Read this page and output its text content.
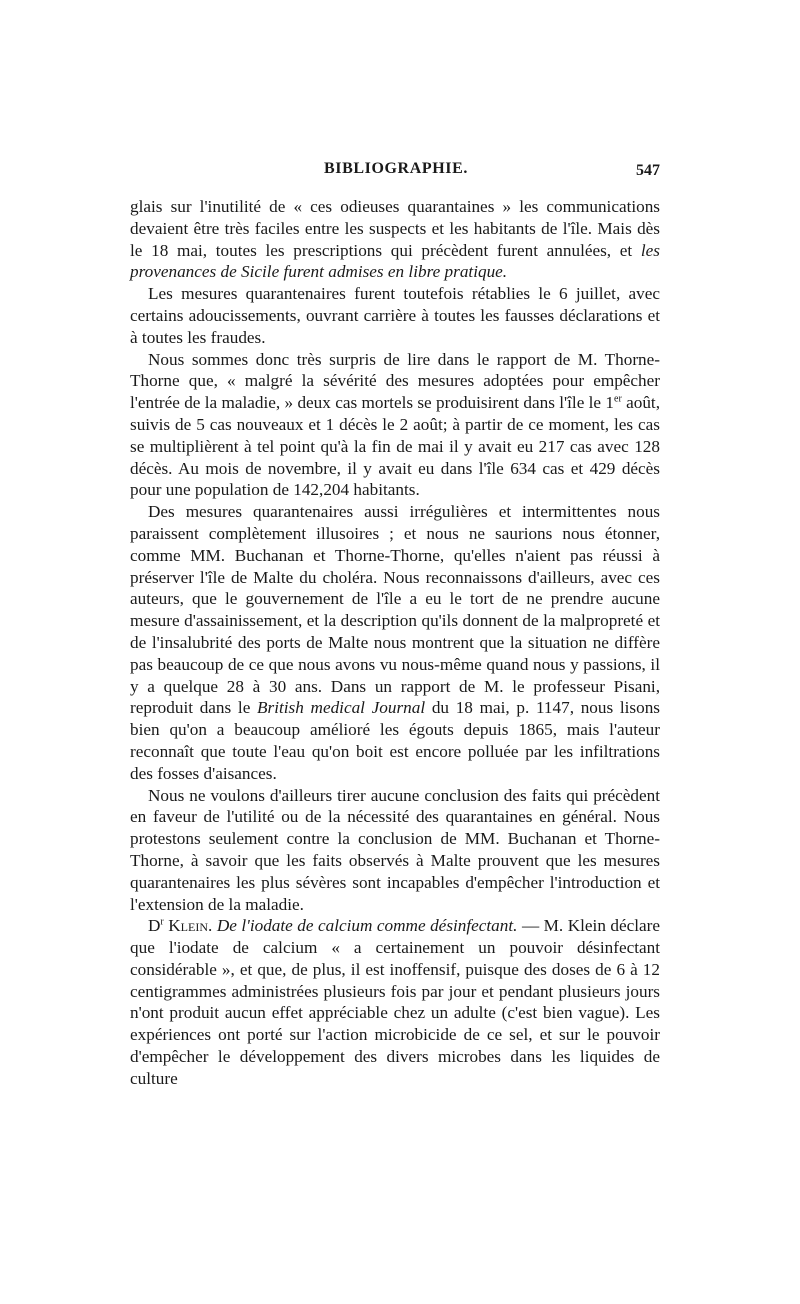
BIBLIOGRAPHIE.	547

glais sur l'inutilité de « ces odieuses quarantaines » les communications devaient être très faciles entre les suspects et les habitants de l'île. Mais dès le 18 mai, toutes les prescriptions qui précèdent furent annulées, et les provenances de Sicile furent admises en libre pratique.

Les mesures quarantenaires furent toutefois rétablies le 6 juillet, avec certains adoucissements, ouvrant carrière à toutes les fausses déclarations et à toutes les fraudes.

Nous sommes donc très surpris de lire dans le rapport de M. Thorne-Thorne que, « malgré la sévérité des mesures adoptées pour empêcher l'entrée de la maladie, » deux cas mortels se produisirent dans l'île le 1er août, suivis de 5 cas nouveaux et 1 décès le 2 août; à partir de ce moment, les cas se multiplièrent à tel point qu'à la fin de mai il y avait eu 217 cas avec 128 décès. Au mois de novembre, il y avait eu dans l'île 634 cas et 429 décès pour une population de 142,204 habitants.

Des mesures quarantenaires aussi irrégulières et intermittentes nous paraissent complètement illusoires ; et nous ne saurions nous étonner, comme MM. Buchanan et Thorne-Thorne, qu'elles n'aient pas réussi à préserver l'île de Malte du choléra. Nous reconnaissons d'ailleurs, avec ces auteurs, que le gouvernement de l'île a eu le tort de ne prendre aucune mesure d'assainissement, et la description qu'ils donnent de la malpropreté et de l'insalubrité des ports de Malte nous montrent que la situation ne diffère pas beaucoup de ce que nous avons vu nous-même quand nous y passions, il y a quelque 28 à 30 ans. Dans un rapport de M. le professeur Pisani, reproduit dans le British medical Journal du 18 mai, p. 1147, nous lisons bien qu'on a beaucoup amélioré les égouts depuis 1865, mais l'auteur reconnaît que toute l'eau qu'on boit est encore polluée par les infiltrations des fosses d'aisances.

Nous ne voulons d'ailleurs tirer aucune conclusion des faits qui précèdent en faveur de l'utilité ou de la nécessité des quarantaines en général. Nous protestons seulement contre la conclusion de MM. Buchanan et Thorne-Thorne, à savoir que les faits observés à Malte prouvent que les mesures quarantenaires les plus sévères sont incapables d'empêcher l'introduction et l'extension de la maladie.

$D^r$ Klein. De l'iodate de calcium comme désinfectant. — M. Klein déclare que l'iodate de calcium « a certainement un pouvoir désinfectant considérable », et que, de plus, il est inoffensif, puisque des doses de 6 à 12 centigrammes administrées plusieurs fois par jour et pendant plusieurs jours n'ont produit aucun effet appréciable chez un adulte (c'est bien vague). Les expériences ont porté sur l'action microbicide de ce sel, et sur le pouvoir d'empêcher le développement des divers microbes dans les liquides de culture
